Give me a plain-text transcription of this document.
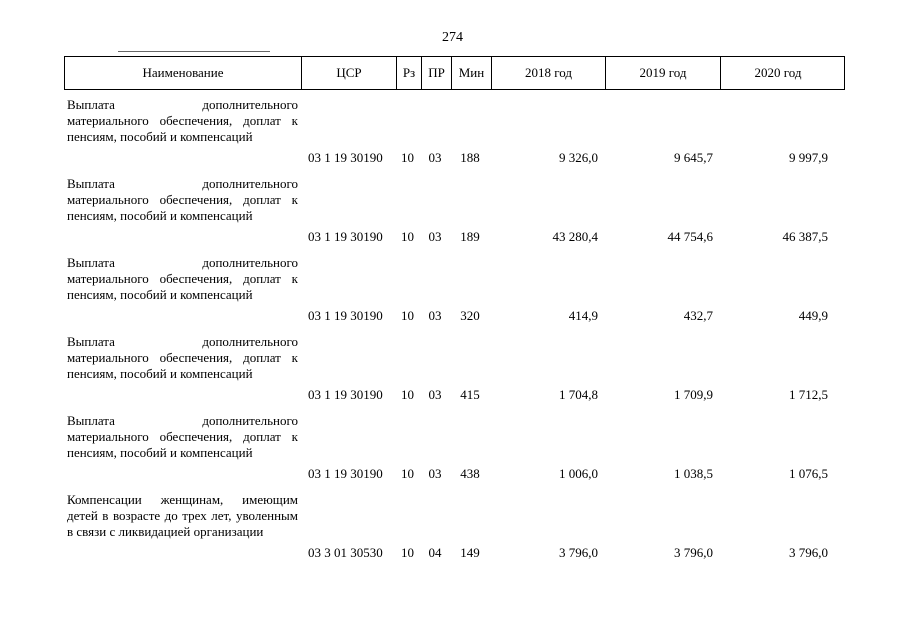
274
Наименование	ЦСР	Рз	ПР	Мин	2018 год	2019 год	2020 год
Выплата дополнительного материального обеспечения, доплат к пенсиям, пособий и компенсаций
03 1 19 30190	10	03	188	9 326,0	9 645,7	9 997,9
Выплата дополнительного материального обеспечения, доплат к пенсиям, пособий и компенсаций
03 1 19 30190	10	03	189	43 280,4	44 754,6	46 387,5
Выплата дополнительного материального обеспечения, доплат к пенсиям, пособий и компенсаций
03 1 19 30190	10	03	320	414,9	432,7	449,9
Выплата дополнительного материального обеспечения, доплат к пенсиям, пособий и компенсаций
03 1 19 30190	10	03	415	1 704,8	1 709,9	1 712,5
Выплата дополнительного материального обеспечения, доплат к пенсиям, пособий и компенсаций
03 1 19 30190	10	03	438	1 006,0	1 038,5	1 076,5
Компенсации женщинам, имеющим детей в возрасте до трех лет, уволенным в связи с ликвидацией организации
03 3 01 30530	10	04	149	3 796,0	3 796,0	3 796,0
